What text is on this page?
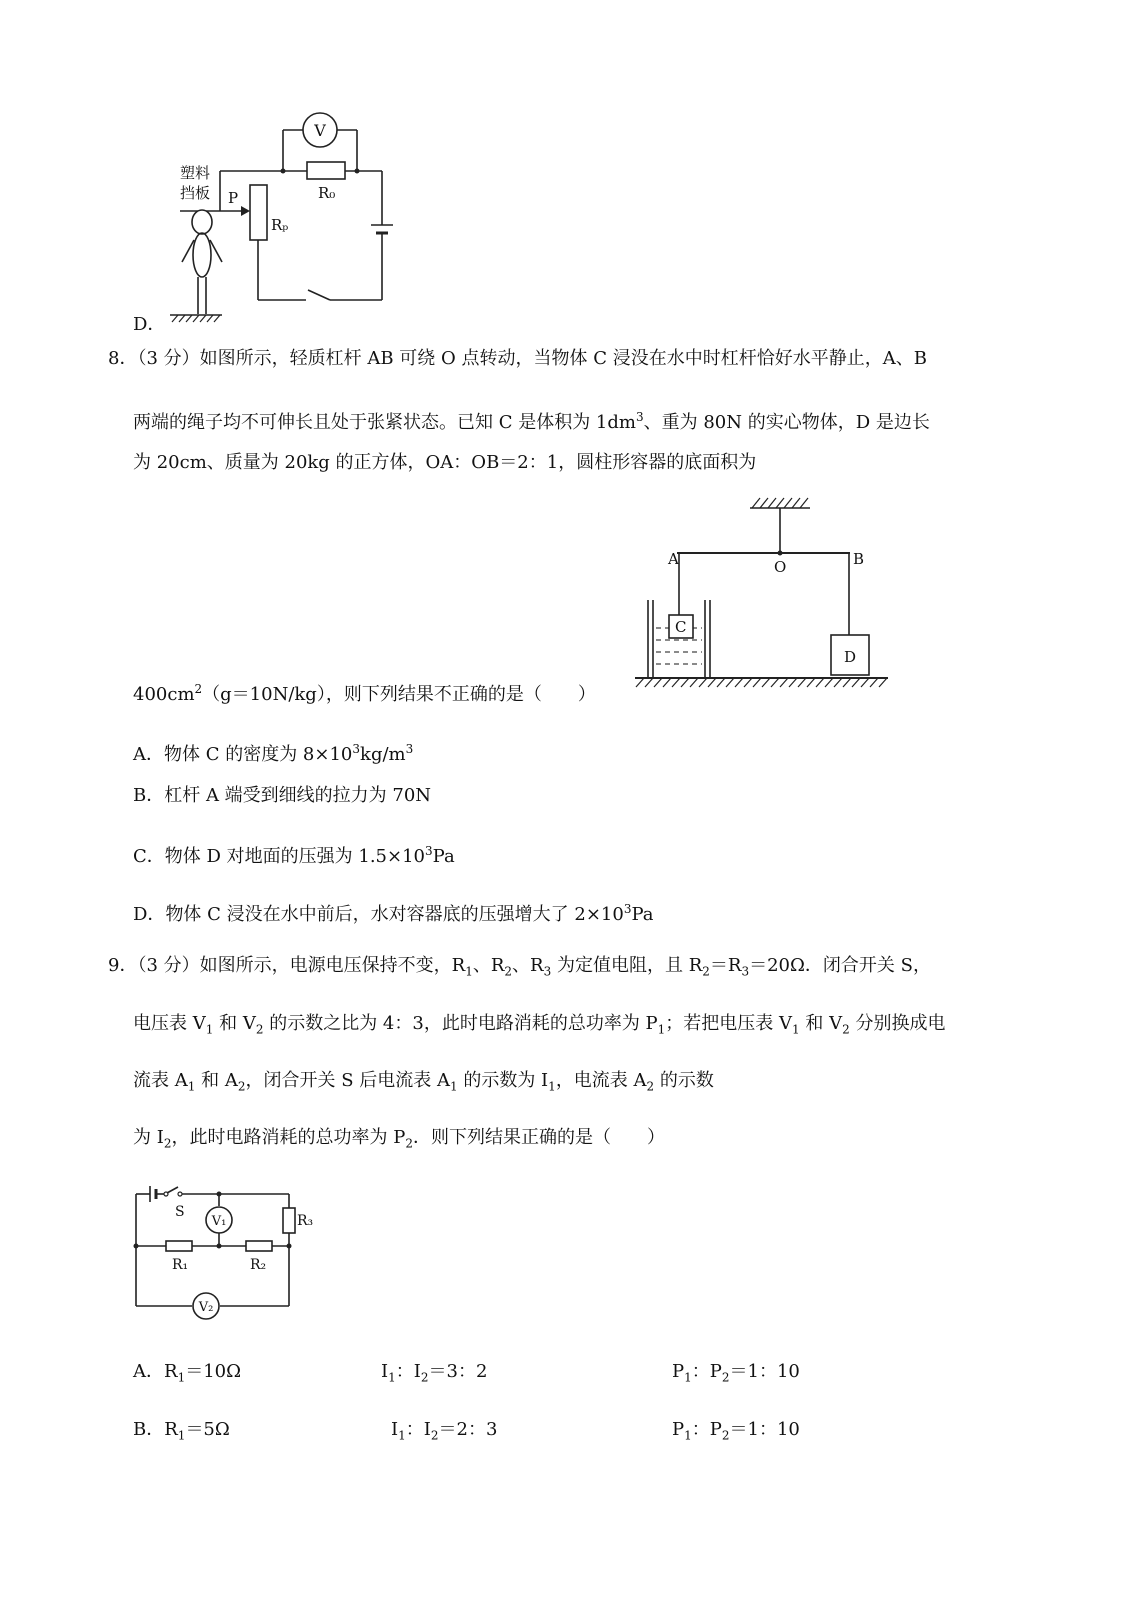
V
R₀
Rₚ
P
塑料
挡板
D．
8．（3 分）如图所示，轻质杠杆 AB 可绕 O 点转动，当物体 C 浸没在水中时杠杆恰好水平静止，A、B
两端的绳子均不可伸长且处于张紧状态。已知 C 是体积为 $1dm^3$、重为 80N 的实心物体，D 是边长
为 20cm、质量为 20kg 的正方体，OA：OB＝2：1，圆柱形容器的底面积为
A	O	B
C
D
$400cm^2(g=10N/kg)$，则下列结果不正确的是（　　）
A．物体 C 的密度为 $8\times 10^3kg/m^3$
B．杠杆 A 端受到细线的拉力为 70N
C．物体 D 对地面的压强为 $1.5\times 10^3Pa$
D．物体 C 浸没在水中前后，水对容器底的压强增大了 $2\times 10^3Pa$
9．（3 分）如图所示，电源电压保持不变，$R_1$、$R_2$、$R_3$ 为定值电阻，且 $R_2=R_3=20\Omega$．闭合开关 S，
电压表 $V_1$ 和 $V_2$ 的示数之比为 4：3，此时电路消耗的总功率为 $P_1$；若把电压表 $V_1$ 和 $V_2$ 分别换成电
流表 $A_1$ 和 $A_2$，闭合开关 S 后电流表 $A_1$ 的示数为 $I_1$，电流表 $A_2$ 的示数
为 $I_2$，此时电路消耗的总功率为 $P_2$．则下列结果正确的是（　　）
S
V₁	R₃
R₁	R₂
V₂
A．$R_1=10\Omega$	$I_1$：$I_2=3$：2	$P_1$：$P_2=1$：10
B．$R_1=5\Omega$	$I_1$：$I_2=2$：3	$P_1$：$P_2=1$：10
